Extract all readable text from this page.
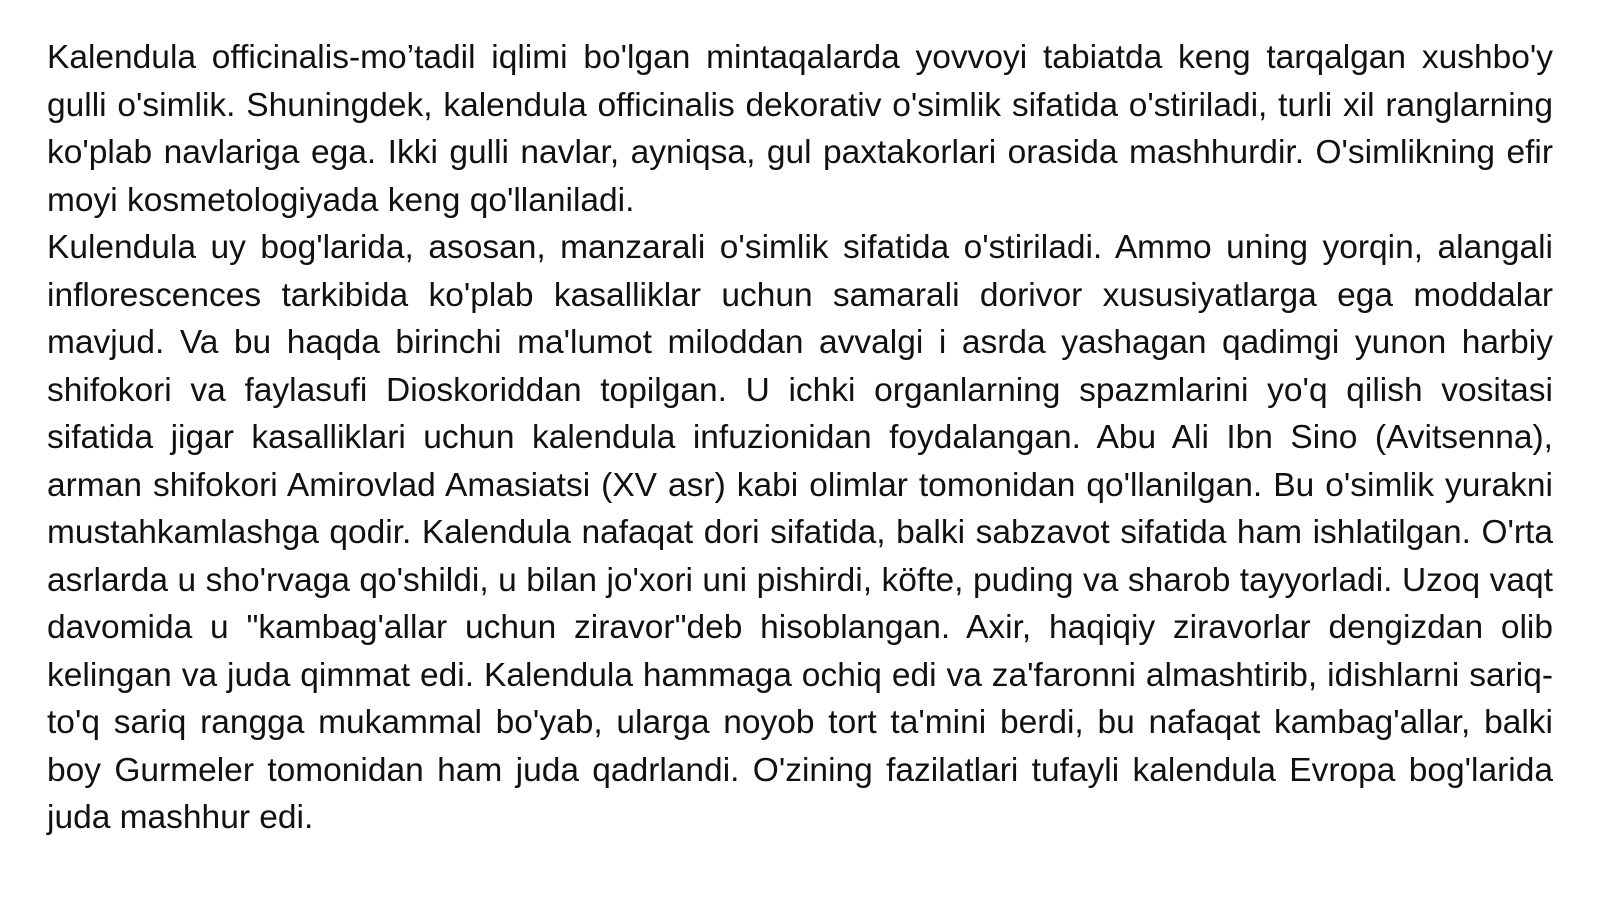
Kalendula officinalis-mo’tadil iqlimi bo'lgan mintaqalarda yovvoyi tabiatda keng tarqalgan xushbo'y gulli o'simlik. Shuningdek, kalendula officinalis dekorativ o'simlik sifatida o'stiriladi, turli xil ranglarning ko'plab navlariga ega. Ikki gulli navlar, ayniqsa, gul paxtakorlari orasida mashhurdir. O'simlikning efir moyi kosmetologiyada keng qo'llaniladi.

Kulendula uy bog'larida, asosan, manzarali o'simlik sifatida o'stiriladi. Ammo uning yorqin, alangali inflorescences tarkibida ko'plab kasalliklar uchun samarali dorivor xususiyatlarga ega moddalar mavjud. Va bu haqda birinchi ma'lumot miloddan avvalgi i asrda yashagan qadimgi yunon harbiy shifokori va faylasufi Dioskoriddan topilgan. U ichki organlarning spazmlarini yo'q qilish vositasi sifatida jigar kasalliklari uchun kalendula infuzionidan foydalangan. Abu Ali Ibn Sino (Avitsenna), arman shifokori Amirovlad Amasiatsi (XV asr) kabi olimlar tomonidan qo'llanilgan. Bu o'simlik yurakni mustahkamlashga qodir. Kalendula nafaqat dori sifatida, balki sabzavot sifatida ham ishlatilgan. O'rta asrlarda u sho'rvaga qo'shildi, u bilan jo'xori uni pishirdi, köfte, puding va sharob tayyorladi. Uzoq vaqt davomida u "kambag'allar uchun ziravor"deb hisoblangan. Axir, haqiqiy ziravorlar dengizdan olib kelingan va juda qimmat edi. Kalendula hammaga ochiq edi va za'faronni almashtirib, idishlarni sariq-to'q sariq rangga mukammal bo'yab, ularga noyob tort ta'mini berdi, bu nafaqat kambag'allar, balki boy Gurmeler tomonidan ham juda qadrlandi. O'zining fazilatlari tufayli kalendula Evropa bog'larida juda mashhur edi.
